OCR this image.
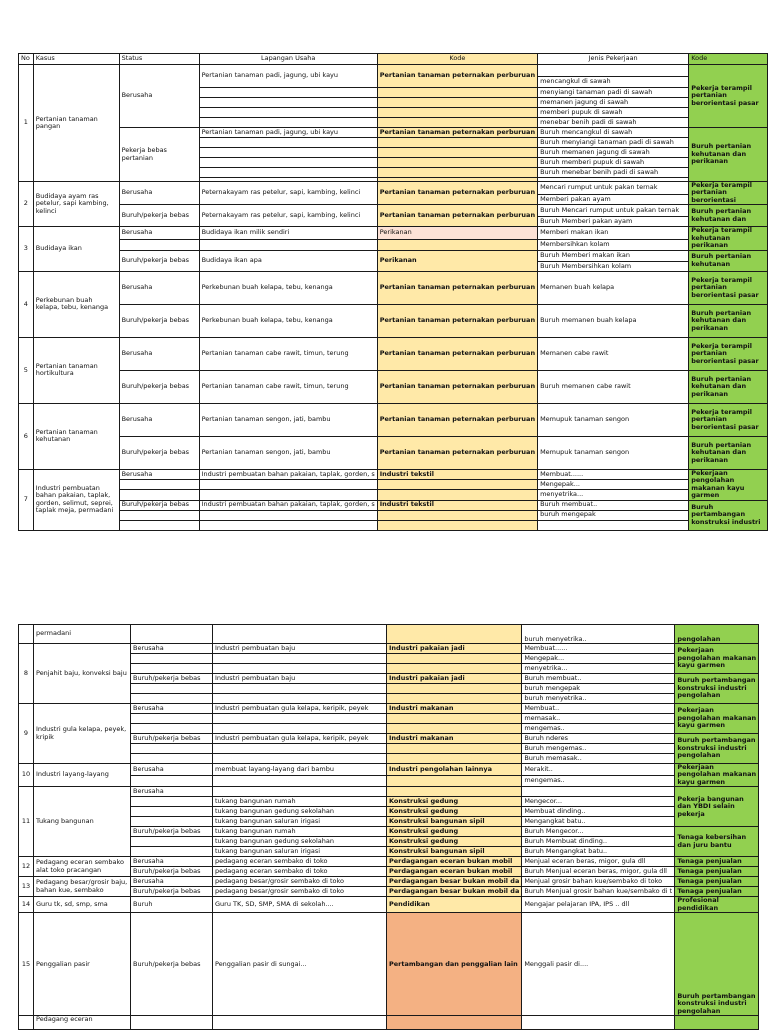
No	Kasus	Status	Lapangan Usaha	Kode	Jenis Pekerjaan	Kode
1	Pertanian tanaman pangan	Berusaha	Pertanian tanaman padi, jagung, ubi kayu	Pertanian tanaman peternakan perburuan		Pekerja terampil pertanian berorientasi pasar
					mencangkul di sawah	
					menyiangi tanaman padi di sawah	
					memanen jagung di sawah	
					memberi pupuk di sawah	
					menebar benih padi di sawah	
		Pekerja bebas pertanian	Pertanian tanaman padi, jagung, ubi kayu	Pertanian tanaman peternakan perburuan	Buruh mencangkul di sawah	Buruh pertanian kehutanan dan perikanan
					Buruh menyiangi tanaman padi di sawah	
					Buruh memanen jagung di sawah	
					Buruh memberi pupuk di sawah	
					Buruh menebar benih padi di sawah	

2	Budidaya ayam ras petelur, sapi kambing, kelinci	Berusaha	Peternakayam ras petelur, sapi, kambing, kelinci	Pertanian tanaman peternakan perburuan	Mencari rumput untuk pakan ternak	Pekerja terampil pertanian berorientasi
					Memberi pakan ayam	
		Buruh/pekerja bebas	Peternakayam ras petelur, sapi, kambing, kelinci	Pertanian tanaman peternakan perburuan	Buruh Mencari rumput untuk pakan ternak	Buruh pertanian kehutanan dan
					Buruh Memberi pakan ayam	
3	Budidaya ikan	Berusaha	Budidaya ikan milik sendiri	Perikanan	Memberi makan ikan	Pekerja terampil kehutanan perikanan
					Membersihkan kolam	
		Buruh/pekerja bebas	Budidaya ikan apa	Perikanan	Buruh Memberi makan ikan	Buruh pertanian kehutanan
					Buruh Membersihkan kolam	
4	Perkebunan buah kelapa, tebu, kenanga	Berusaha	Perkebunan buah kelapa, tebu, kenanga	Pertanian tanaman peternakan perburuan	Memanen buah kelapa	Pekerja terampil pertanian berorientasi pasar
		Buruh/pekerja bebas	Perkebunan buah kelapa, tebu, kenanga	Pertanian tanaman peternakan perburuan	Buruh memanen buah kelapa	Buruh pertanian kehutanan dan perikanan
5	Pertanian tanaman hortikultura	Berusaha	Pertanian tanaman cabe rawit, timun, terung	Pertanian tanaman peternakan perburuan	Memanen cabe rawit	Pekerja terampil pertanian berorientasi pasar
		Buruh/pekerja bebas	Pertanian tanaman cabe rawit, timun, terung	Pertanian tanaman peternakan perburuan	Buruh memanen cabe rawit	Buruh pertanian kehutanan dan perikanan
6	Pertanian tanaman kehutanan	Berusaha	Pertanian tanaman sengon, jati, bambu	Pertanian tanaman peternakan perburuan	Memupuk tanaman sengon	Pekerja terampil pertanian berorientasi pasar
		Buruh/pekerja bebas	Pertanian tanaman sengon, jati, bambu	Pertanian tanaman peternakan perburuan	Memupuk tanaman sengon	Buruh pertanian kehutanan dan perikanan
7	Industri pembuatan bahan pakaian, taplak, gorden, selimut, seprei, taplak meja, permadani	Berusaha	Industri pembuatan bahan pakaian, taplak, gorden, s	Industri tekstil	Membuat......	Pekerjaan pengolahan makanan kayu garmen
					Mengepak...	
					menyetrika...	
		Buruh/pekerja bebas	Industri pembuatan bahan pakaian, taplak, gorden, s	Industri tekstil	Buruh membuat..	Buruh pertambangan konstruksi industri
					buruh mengepak	

	permadani				buruh menyetrika..	pengolahan
8	Penjahit baju, konveksi baju	Berusaha	Industri pembuatan baju	Industri pakaian jadi	Membuat......	Pekerjaan pengolahan makanan kayu garmen
					Mengepak...	
					menyetrika...	
		Buruh/pekerja bebas	Industri pembuatan baju	Industri pakaian jadi	Buruh membuat..	Buruh pertambangan konstruksi industri pengolahan
					buruh mengepak	
					buruh menyetrika..	
9	Industri gula kelapa, peyek, kripik	Berusaha	Industri pembuatan gula kelapa, keripik, peyek	Industri makanan	Membuat..	Pekerjaan pengolahan makanan kayu garmen
					memasak..	
					mengemas..	
		Buruh/pekerja bebas	Industri pembuatan gula kelapa, keripik, peyek	Industri makanan	Buruh nderes	Buruh pertambangan konstruksi industri pengolahan
					Buruh mengemas..	
					Buruh memasak..	
10	Industri layang-layang	Berusaha	membuat layang-layang dari bambu	Industri pengolahan lainnya	Merakit..	Pekerjaan pengolahan makanan kayu garmen
					mengemas..	
11	Tukang bangunan	Berusaha				Pekerja bangunan dan YBDI selain pekerja
			tukang bangunan rumah	Konstruksi gedung	Mengecor...	
			tukang bangunan gedung sekolahan	Konstruksi gedung	Membuat dinding..	
			tukang bangunan saluran irigasi	Konstruksi bangunan sipil	Mengangkat batu..	
		Buruh/pekerja bebas	tukang bangunan rumah	Konstruksi gedung	Buruh Mengecor...	Tenaga kebersihan dan juru bantu
			tukang bangunan gedung sekolahan	Konstruksi gedung	Buruh Membuat dinding..	
			tukang bangunan saluran irigasi	Konstruksi bangunan sipil	Buruh Mengangkat batu..	
12	Pedagang eceran sembako alat toko pracangan	Berusaha	pedagang eceran sembako di toko	Perdagangan eceran bukan mobil	Menjual eceran beras, migor, gula dll	Tenaga penjualan
		Buruh/pekerja bebas	pedagang eceran sembako di toko	Perdagangan eceran bukan mobil	Buruh Menjual eceran beras, migor, gula dll	Tenaga penjualan
13	Pedagang besar/grosir baju, bahan kue, sembako	Berusaha	pedagang besar/grosir sembako di toko	Perdagangan besar bukan mobil da	Menjual grosir bahan kue/sembako di toko	Tenaga penjualan
		Buruh/pekerja bebas	pedagang besar/grosir sembako di toko	Perdagangan besar bukan mobil da	Buruh Menjual grosir bahan kue/sembako di t	Tenaga penjualan
14	Guru tk, sd, smp, sma	Buruh	Guru TK, SD, SMP, SMA di sekolah....	Pendidikan	Mengajar pelajaran IPA, IPS .. dll	Profesional pendidikan
15	Penggalian pasir	Buruh/pekerja bebas	Penggalian pasir di sungai...	Pertambangan dan penggalian lain	Menggali pasir di....	Buruh pertambangan konstruksi industri pengolahan
	Pedagang eceran					
